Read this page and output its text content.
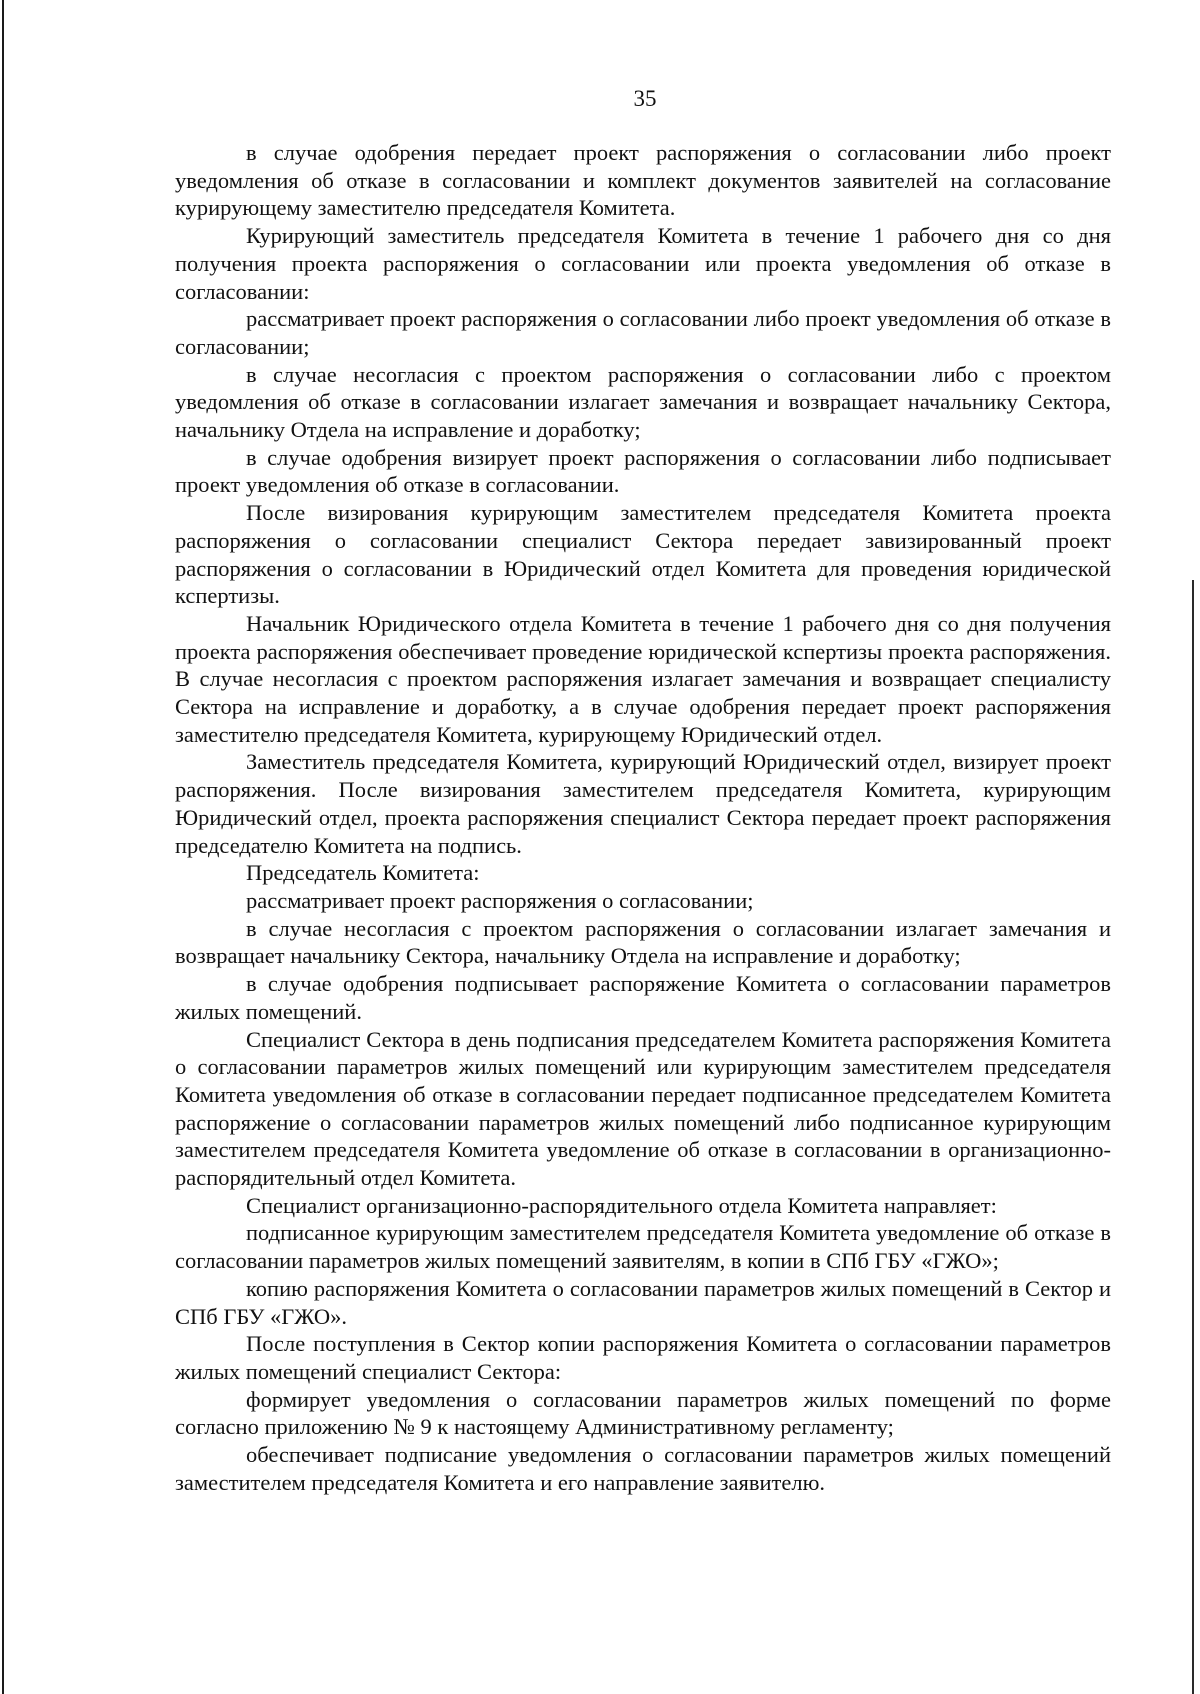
35

в случае одобрения передает проект распоряжения о согласовании либо проект уведомления об отказе в согласовании и комплект документов заявителей на согласование курирующему заместителю председателя Комитета.

Курирующий заместитель председателя Комитета в течение 1 рабочего дня со дня получения проекта распоряжения о согласовании или проекта уведомления об отказе в согласовании:

рассматривает проект распоряжения о согласовании либо проект уведомления об отказе в согласовании;

в случае несогласия с проектом распоряжения о согласовании либо с проектом уведомления об отказе в согласовании излагает замечания и возвращает начальнику Сектора, начальнику Отдела на исправление и доработку;

в случае одобрения визирует проект распоряжения о согласовании либо подписывает проект уведомления об отказе в согласовании.

После визирования курирующим заместителем председателя Комитета проекта распоряжения о согласовании специалист Сектора передает завизированный проект распоряжения о согласовании в Юридический отдел Комитета для проведения юридической кспертизы.

Начальник Юридического отдела Комитета в течение 1 рабочего дня со дня получения проекта распоряжения обеспечивает проведение юридической кспертизы проекта распоряжения. В случае несогласия с проектом распоряжения излагает замечания и возвращает специалисту Сектора на исправление и доработку, а в случае одобрения передает проект распоряжения заместителю председателя Комитета, курирующему Юридический отдел.

Заместитель председателя Комитета, курирующий Юридический отдел, визирует проект распоряжения. После визирования заместителем председателя Комитета, курирующим Юридический отдел, проекта распоряжения специалист Сектора передает проект распоряжения председателю Комитета на подпись.

Председатель Комитета:

рассматривает проект распоряжения о согласовании;

в случае несогласия с проектом распоряжения о согласовании излагает замечания и возвращает начальнику Сектора, начальнику Отдела на исправление и доработку;

в случае одобрения подписывает распоряжение Комитета о согласовании параметров жилых помещений.

Специалист Сектора в день подписания председателем Комитета распоряжения Комитета о согласовании параметров жилых помещений или курирующим заместителем председателя Комитета уведомления об отказе в согласовании передает подписанное председателем Комитета распоряжение о согласовании параметров жилых помещений либо подписанное курирующим заместителем председателя Комитета уведомление об отказе в согласовании в организационно-распорядительный отдел Комитета.

Специалист организационно-распорядительного отдела Комитета направляет:

подписанное курирующим заместителем председателя Комитета уведомление об отказе в согласовании параметров жилых помещений заявителям, в копии в СПб ГБУ «ГЖО»;

копию распоряжения Комитета о согласовании параметров жилых помещений в Сектор и СПб ГБУ «ГЖО».

После поступления в Сектор копии распоряжения Комитета о согласовании параметров жилых помещений специалист Сектора:

формирует уведомления о согласовании параметров жилых помещений по форме согласно приложению № 9 к настоящему Административному регламенту;

обеспечивает подписание уведомления о согласовании параметров жилых помещений заместителем председателя Комитета и его направление заявителю.
